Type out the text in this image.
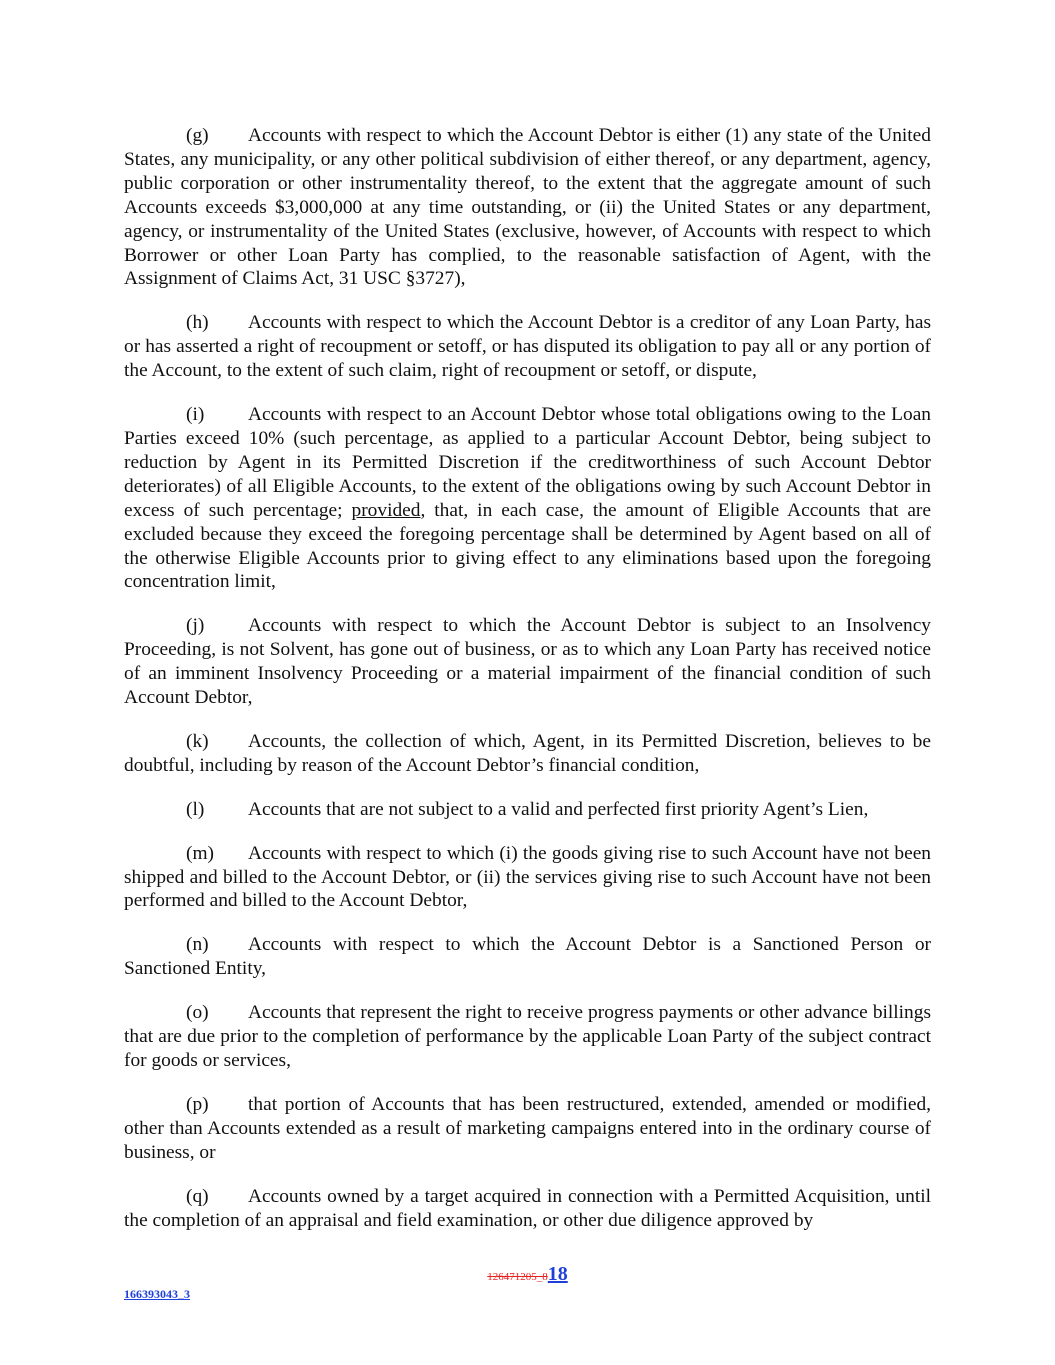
(g) Accounts with respect to which the Account Debtor is either (1) any state of the United States, any municipality, or any other political subdivision of either thereof, or any department, agency, public corporation or other instrumentality thereof, to the extent that the aggregate amount of such Accounts exceeds $3,000,000 at any time outstanding, or (ii) the United States or any department, agency, or instrumentality of the United States (exclusive, however, of Accounts with respect to which Borrower or other Loan Party has complied, to the reasonable satisfaction of Agent, with the Assignment of Claims Act, 31 USC §3727),

(h) Accounts with respect to which the Account Debtor is a creditor of any Loan Party, has or has asserted a right of recoupment or setoff, or has disputed its obligation to pay all or any portion of the Account, to the extent of such claim, right of recoupment or setoff, or dispute,

(i) Accounts with respect to an Account Debtor whose total obligations owing to the Loan Parties exceed 10% (such percentage, as applied to a particular Account Debtor, being subject to reduction by Agent in its Permitted Discretion if the creditworthiness of such Account Debtor deteriorates) of all Eligible Accounts, to the extent of the obligations owing by such Account Debtor in excess of such percentage; provided, that, in each case, the amount of Eligible Accounts that are excluded because they exceed the foregoing percentage shall be determined by Agent based on all of the otherwise Eligible Accounts prior to giving effect to any eliminations based upon the foregoing concentration limit,

(j) Accounts with respect to which the Account Debtor is subject to an Insolvency Proceeding, is not Solvent, has gone out of business, or as to which any Loan Party has received notice of an imminent Insolvency Proceeding or a material impairment of the financial condition of such Account Debtor,

(k) Accounts, the collection of which, Agent, in its Permitted Discretion, believes to be doubtful, including by reason of the Account Debtor’s financial condition,

(l) Accounts that are not subject to a valid and perfected first priority Agent’s Lien,

(m) Accounts with respect to which (i) the goods giving rise to such Account have not been shipped and billed to the Account Debtor, or (ii) the services giving rise to such Account have not been performed and billed to the Account Debtor,

(n) Accounts with respect to which the Account Debtor is a Sanctioned Person or Sanctioned Entity,

(o) Accounts that represent the right to receive progress payments or other advance billings that are due prior to the completion of performance by the applicable Loan Party of the subject contract for goods or services,

(p) that portion of Accounts that has been restructured, extended, amended or modified, other than Accounts extended as a result of marketing campaigns entered into in the ordinary course of business, or

(q) Accounts owned by a target acquired in connection with a Permitted Acquisition, until the completion of an appraisal and field examination, or other due diligence approved by

126471205_818
166393043_3
